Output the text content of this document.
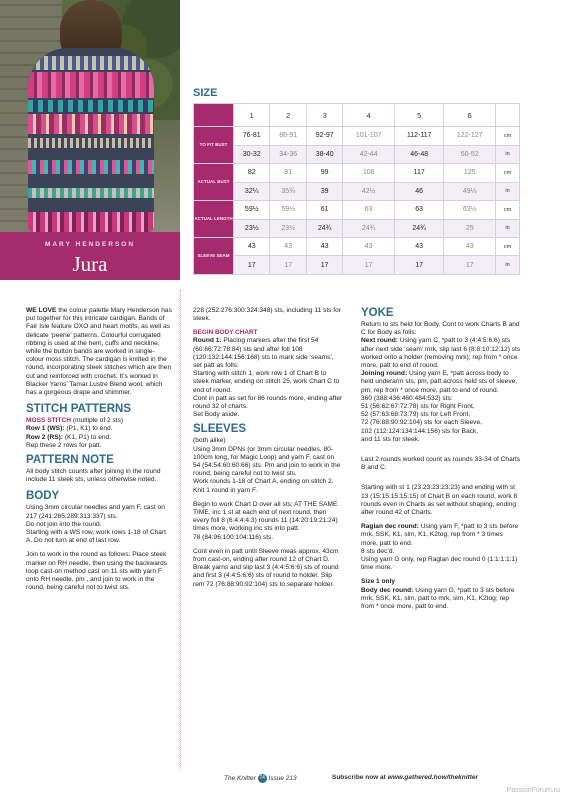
MARY HENDERSON
Jura
SIZE
	1	2	3	4	5	6	
TO FIT BUST	76-81	86-91	92-97	101-107	112-117	122-127	cm
	30-32	34-36	38-40	42-44	46-48	50-52	in
ACTUAL BUST	82	91	99	108	117	125	cm
	32¼	35¾	39	42½	46	49¼	in
ACTUAL LENGTH	59½	59½	61	63	63	63½	cm
	23½	23½	24¾	24¾	24¾	25	in
SLEEVE SEAM	43	43	43	43	43	43	cm
	17	17	17	17	17	17	in

WE LOVE the colour palette Mary Henderson has put together for this intricate cardigan. Bands of Fair Isle feature OXO and heart motifs, as well as delicate ‘peerie’ patterns. Colourful corrugated ribbing is used at the hem, cuffs and neckline, while the button bands are worked in single- colour moss stitch. The cardigan is knitted in the round, incorporating steek stitches which are then cut and reinforced with crochet. It’s worked in Blacker Yarns’ Tamar Lustre Blend wool, which has a gorgeous drape and shimmer.

STITCH PATTERNS
MOSS STITCH (multiple of 2 sts)
Row 1 (WS): (P1, K1) to end.
Row 2 (RS): (K1, P1) to end.
Rep these 2 rows for patt.
PATTERN NOTE

All body stitch counts after joining in the round include 11 steek sts, unless otherwise noted.

BODY
Using 3mm circular needles and yarn F, cast on 217 (241:265:289:313:337) sts.
Do not join into the round.

Starting with a WS row, work rows 1-18 of Chart A. Do not turn at end of last row.

Join to work in the round as follows: Place steek marker on RH needle, then using the backwards loop cast-on method cast on 11 sts with yarn F onto RH needle, pm , and join to work in the round, being careful not to twist sts.

228 (252:276:300:324:348) sts, including 11 sts for steek.

BEGIN BODY CHART
Round 1: Placing markers after the first 54 (60:66:72:78:84) sts and after foll 108 (120:132:144:156:168) sts to mark side ‘seams’, set patt as folls:
Starting with stitch 1, work row 1 of Chart B to steek marker, ending on stitch 25, work Chart C to end of round.
Cont in patt as set for 86 rounds more, ending after round 32 of charts.
Set Body aside.
SLEEVES
(both alike)
Using 3mm DPNs (or 3mm circular needles, 80-100cm long, for Magic Loop) and yarn F, cast on 54 (54:54:60:60:66) sts. Pm and join to work in the round, being careful not to twist sts.
Work rounds 1-18 of Chart A, ending on stitch 2.

Knit 1 round in yarn F.

Begin to work Chart D over all sts; AT THE SAME TIME, inc 1 st at each end of next round, then every foll 8 (6:4:4:4:3) rounds 11 (14:20:19:21:24) times more, working inc sts into patt.

78 (84:96:100:104:116) sts.

Cont even in patt until Sleeve meas approx. 43cm from cast-on, ending after round 12 of Chart D.
Break yarns and slip last 3 (4:4:5:6:6) sts of round and first 3 (4:4:5:6:6) sts of round to holder. Slip rem 72 (76:88:90:92:104) sts to separate holder.
YOKE
Return to sts held for Body. Cont to work Charts B and C for Body as folls:
Next round: Using yarn C, *patt to 3 (4:4:5:6:6) sts after next side ‘seam’ mrk, slip last 6 (8:8:10:12:12) sts worked onto a holder (removing mrk); rep from * once more, patt to end of round.
Joining round: Using yarn E, *patt across body to held underarm sts, pm, patt across held sts of sleeve, pm; rep from * once more, patt to end of round.
360 (388:436:460:484:532) sts:
51 (56:62:67:72:78) sts for Right Front,
52 (57:63:68:73:79) sts for Left Front,
72 (76:88:90:92:104) sts for each Sleeve,
102 (112:124:134:144:156) sts for Back,

and 11 sts for steek.

Last 2 rounds worked count as rounds 33-34 of Charts B and C.

Starting with st 1 (23:23:23:23:23) and ending with st 13 (15:15:15:15:15) of Chart B on each round, work 8 rounds even in Charts as set without shaping, ending after round 42 of Charts.

Raglan dec round: Using yarn F, *patt to 3 sts before mrk, SSK, K1, slm, K1, K2tog; rep from * 3 times more, patt to end.
8 sts dec’d.

Using yarn G only, rep Raglan dec round 0 (1:1:1:1:1) time more.

Size 1 only
Body dec round: Using yarn G, *patt to 3 sts before mrk, SSK, K1, slm, patt to mrk, slm, K1, K2tog; rep from * once more, patt to end.
The Knitter 74 Issue 213	Subscribe now at www.gathered.how/theknitter
PassionForum.ru
